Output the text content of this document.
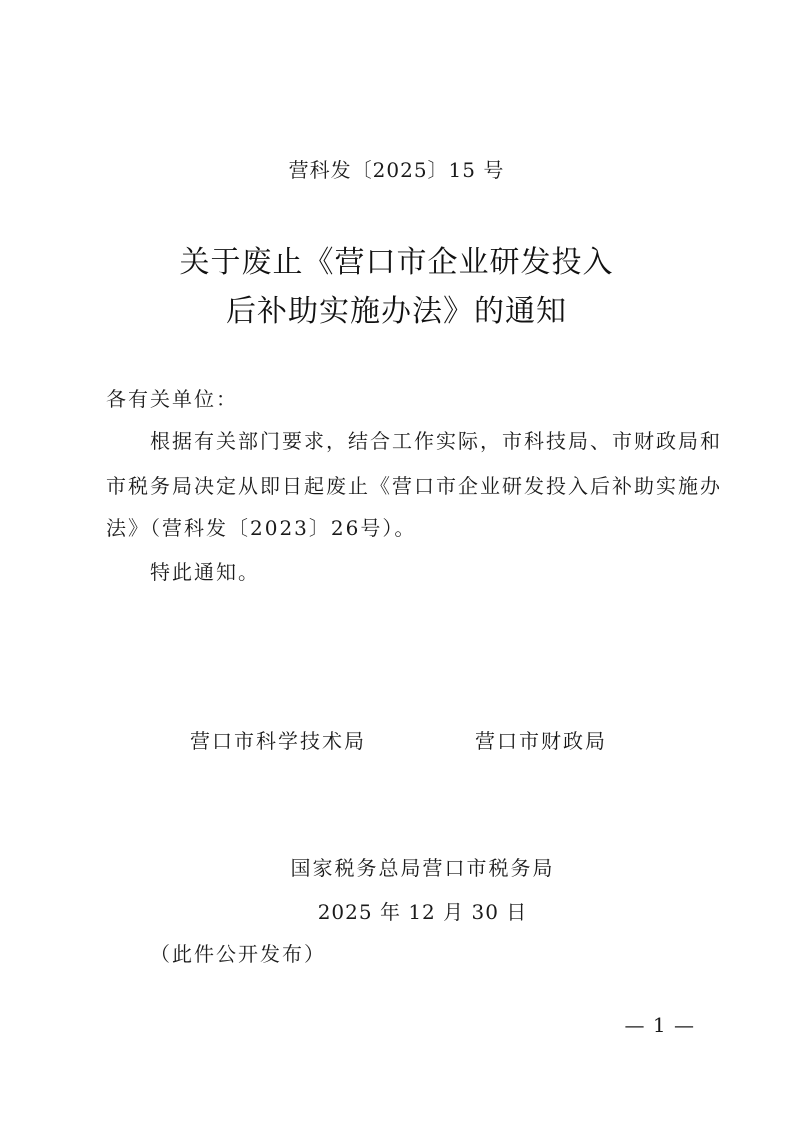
营科发〔2025〕15 号
关于废止《营口市企业研发投入
后补助实施办法》的通知
各有关单位：
根据有关部门要求，结合工作实际，市科技局、市财政局和
市税务局决定从即日起废止《营口市企业研发投入后补助实施办
法》（营科发〔2023〕26号）。
特此通知。
营口市科学技术局	营口市财政局
国家税务总局营口市税务局
2025 年 12 月 30 日
（此件公开发布）
— 1 —
